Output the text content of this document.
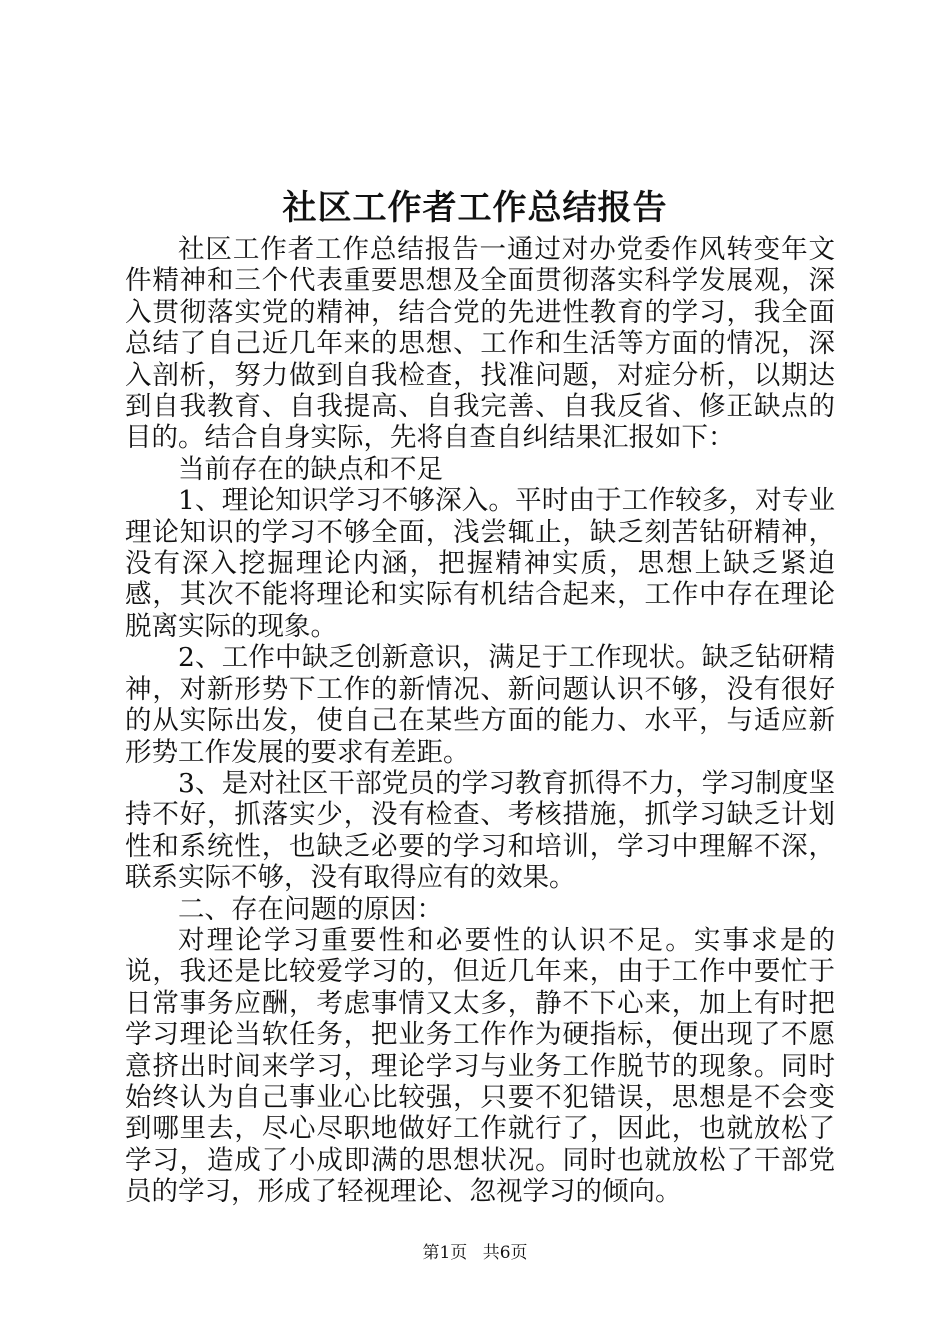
社区工作者工作总结报告

社区工作者工作总结报告一通过对办党委作风转变年文件精神和三个代表重要思想及全面贯彻落实科学发展观，深入贯彻落实党的精神，结合党的先进性教育的学习，我全面总结了自己近几年来的思想、工作和生活等方面的情况，深入剖析，努力做到自我检查，找准问题，对症分析，以期达到自我教育、自我提高、自我完善、自我反省、修正缺点的目的。结合自身实际，先将自查自纠结果汇报如下：

当前存在的缺点和不足

1、理论知识学习不够深入。平时由于工作较多，对专业理论知识的学习不够全面，浅尝辄止，缺乏刻苦钻研精神，没有深入挖掘理论内涵，把握精神实质，思想上缺乏紧迫感，其次不能将理论和实际有机结合起来，工作中存在理论脱离实际的现象。

2、工作中缺乏创新意识，满足于工作现状。缺乏钻研精神，对新形势下工作的新情况、新问题认识不够，没有很好的从实际出发，使自己在某些方面的能力、水平，与适应新形势工作发展的要求有差距。

3、是对社区干部党员的学习教育抓得不力，学习制度坚持不好，抓落实少，没有检查、考核措施，抓学习缺乏计划性和系统性，也缺乏必要的学习和培训，学习中理解不深，联系实际不够，没有取得应有的效果。

二、存在问题的原因：

对理论学习重要性和必要性的认识不足。实事求是的说，我还是比较爱学习的，但近几年来，由于工作中要忙于日常事务应酬，考虑事情又太多，静不下心来，加上有时把学习理论当软任务，把业务工作作为硬指标，便出现了不愿意挤出时间来学习，理论学习与业务工作脱节的现象。同时始终认为自己事业心比较强，只要不犯错误，思想是不会变到哪里去，尽心尽职地做好工作就行了，因此，也就放松了学习，造成了小成即满的思想状况。同时也就放松了干部党员的学习，形成了轻视理论、忽视学习的倾向。

第1页 共6页
